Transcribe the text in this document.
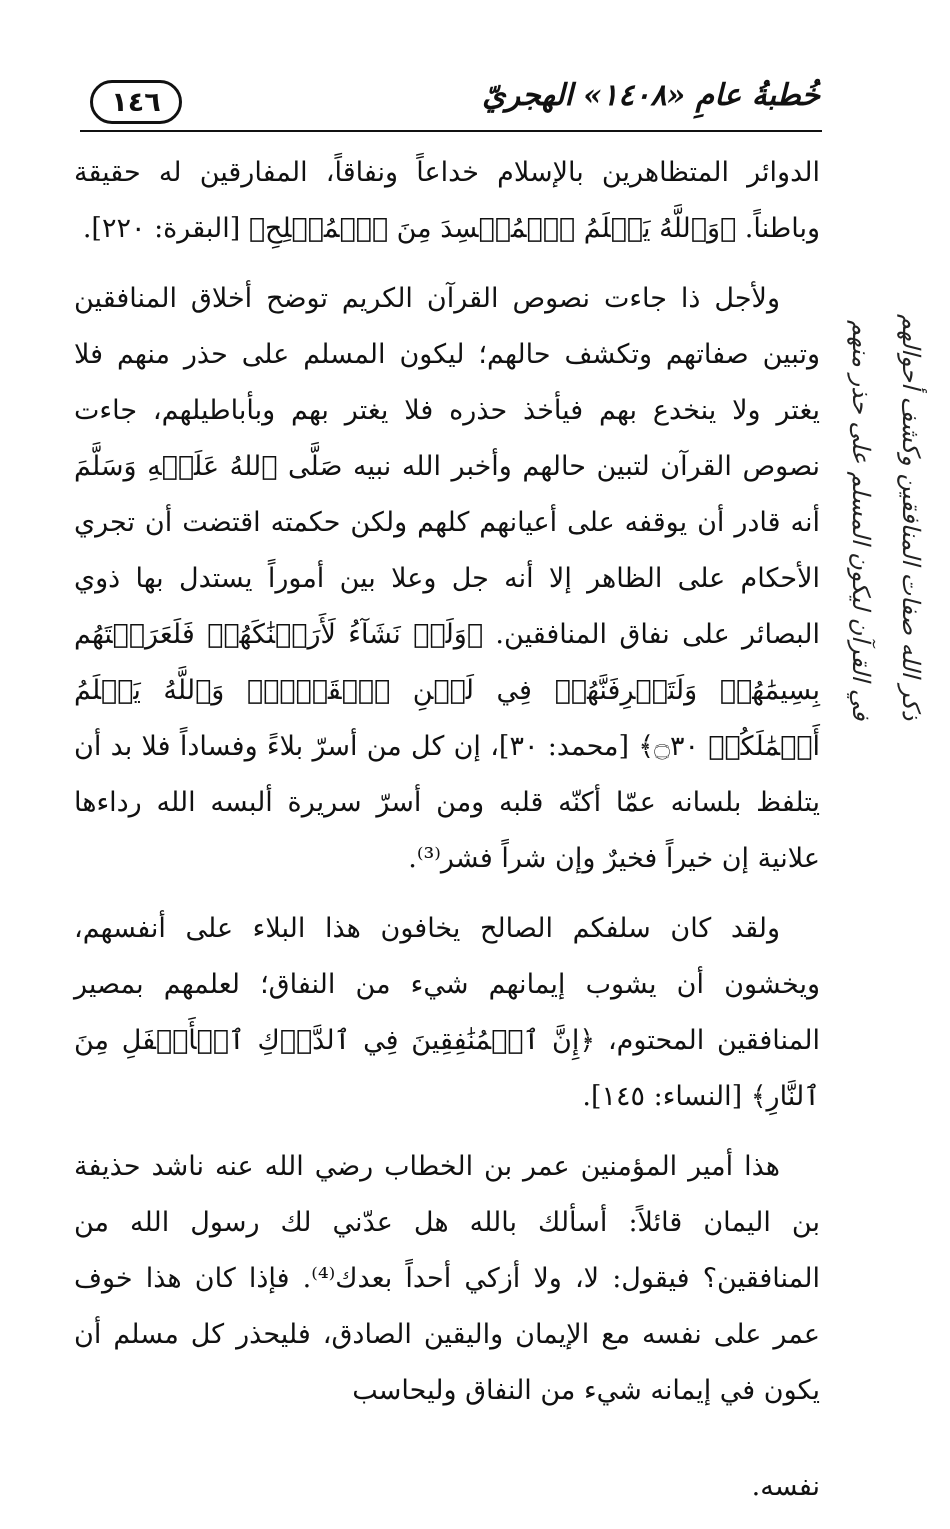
١٤٦	خُطبةُ عامِ «١٤٠٨» الهجريّ

الدوائر المتظاهرين بالإسلام خداعاً ونفاقاً، المفارقين له حقيقة وباطناً. ﴿وَٱللَّهُ يَعۡلَمُ ٱلۡمُفۡسِدَ مِنَ ٱلۡمُصۡلِحِ﴾ [البقرة: ٢٢٠].

ولأجل ذا جاءت نصوص القرآن الكريم توضح أخلاق المنافقين وتبين صفاتهم وتكشف حالهم؛ ليكون المسلم على حذر منهم فلا يغتر ولا ينخدع بهم فيأخذ حذره فلا يغتر بهم وبأباطيلهم، جاءت نصوص القرآن لتبين حالهم وأخبر الله نبيه صَلَّى ٱللهُ عَلَيۡهِ وَسَلَّمَ أنه قادر أن يوقفه على أعيانهم كلهم ولكن حكمته اقتضت أن تجري الأحكام على الظاهر إلا أنه جل وعلا بين أموراً يستدل بها ذوي البصائر على نفاق المنافقين. ﴿وَلَوۡ نَشَآءُ لَأَرَيۡنَٰكَهُمۡ فَلَعَرَفۡتَهُم بِسِيمَٰهُمۡ وَلَتَعۡرِفَنَّهُمۡ فِي لَحۡنِ ٱلۡقَوۡلِۚ وَٱللَّهُ يَعۡلَمُ أَعۡمَٰلَكُمۡ ۝٣٠﴾ [محمد: ٣٠]، إن كل من أسرّ بلاءً وفساداً فلا بد أن يتلفظ بلسانه عمّا أكنّه قلبه ومن أسرّ سريرة ألبسه الله رداءها علانية إن خيراً فخيرٌ وإن شراً فشر⁽³⁾.

ولقد كان سلفكم الصالح يخافون هذا البلاء على أنفسهم، ويخشون أن يشوب إيمانهم شيء من النفاق؛ لعلمهم بمصير المنافقين المحتوم، ﴿إِنَّ ٱلۡمُنَٰفِقِينَ فِي ٱلدَّرۡكِ ٱلۡأَسۡفَلِ مِنَ ٱلنَّارِ﴾ [النساء: ١٤٥].

هذا أمير المؤمنين عمر بن الخطاب رضي الله عنه ناشد حذيفة بن اليمان قائلاً: أسألك بالله هل عدّني لك رسول الله من المنافقين؟ فيقول: لا، ولا أزكي أحداً بعدك⁽⁴⁾. فإذا كان هذا خوف عمر على نفسه مع الإيمان واليقين الصادق، فليحذر كل مسلم أن يكون في إيمانه شيء من النفاق وليحاسب

نفسه.

في القرآن ليكون المسلم على حذر منهم ذكر الله صفات المنافقين وكشف أحوالهم
